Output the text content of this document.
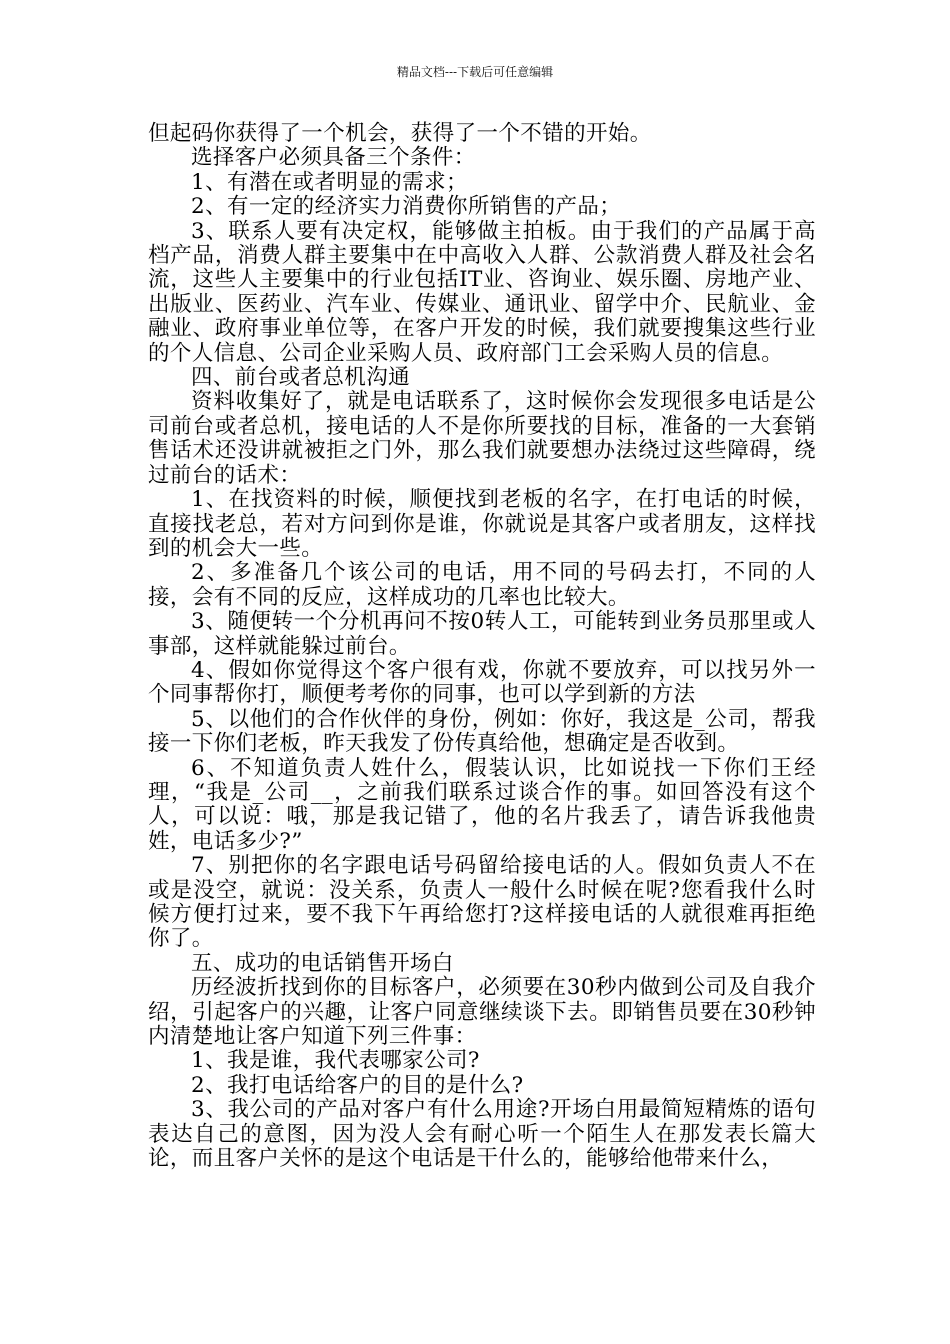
精品文档---下载后可任意编辑

但起码你获得了一个机会，获得了一个不错的开始。

选择客户必须具备三个条件：

1、有潜在或者明显的需求；

2、有一定的经济实力消费你所销售的产品；

3、联系人要有决定权，能够做主拍板。由于我们的产品属于高档产品，消费人群主要集中在中高收入人群、公款消费人群及社会名流，这些人主要集中的行业包括IT业、咨询业、娱乐圈、房地产业、出版业、医药业、汽车业、传媒业、通讯业、留学中介、民航业、金融业、政府事业单位等，在客户开发的时候，我们就要搜集这些行业的个人信息、公司企业采购人员、政府部门工会采购人员的信息。

四、前台或者总机沟通

资料收集好了，就是电话联系了，这时候你会发现很多电话是公司前台或者总机，接电话的人不是你所要找的目标，准备的一大套销售话术还没讲就被拒之门外，那么我们就要想办法绕过这些障碍，绕过前台的话术：

1、在找资料的时候，顺便找到老板的名字，在打电话的时候，直接找老总，若对方问到你是谁，你就说是其客户或者朋友，这样找到的机会大一些。

2、多准备几个该公司的电话，用不同的号码去打，不同的人接，会有不同的反应，这样成功的几率也比较大。

3、随便转一个分机再问不按0转人工，可能转到业务员那里或人事部，这样就能躲过前台。

4、假如你觉得这个客户很有戏，你就不要放弃，可以找另外一个同事帮你打，顺便考考你的同事，也可以学到新的方法

5、以他们的合作伙伴的身份，例如：你好，我这是_公司，帮我接一下你们老板，昨天我发了份传真给他，想确定是否收到。

6、不知道负责人姓什么，假装认识，比如说找一下你们王经理，“我是_公司__，之前我们联系过谈合作的事。如回答没有这个人，可以说：哦，那是我记错了，他的名片我丢了，请告诉我他贵姓，电话多少?”

7、别把你的名字跟电话号码留给接电话的人。假如负责人不在或是没空，就说：没关系，负责人一般什么时候在呢?您看我什么时候方便打过来，要不我下午再给您打?这样接电话的人就很难再拒绝你了。

五、成功的电话销售开场白

历经波折找到你的目标客户，必须要在30秒内做到公司及自我介绍，引起客户的兴趣，让客户同意继续谈下去。即销售员要在30秒钟内清楚地让客户知道下列三件事：

1、我是谁，我代表哪家公司?

2、我打电话给客户的目的是什么?

3、我公司的产品对客户有什么用途?开场白用最简短精炼的语句表达自己的意图，因为没人会有耐心听一个陌生人在那发表长篇大论，而且客户关怀的是这个电话是干什么的，能够给他带来什么，
